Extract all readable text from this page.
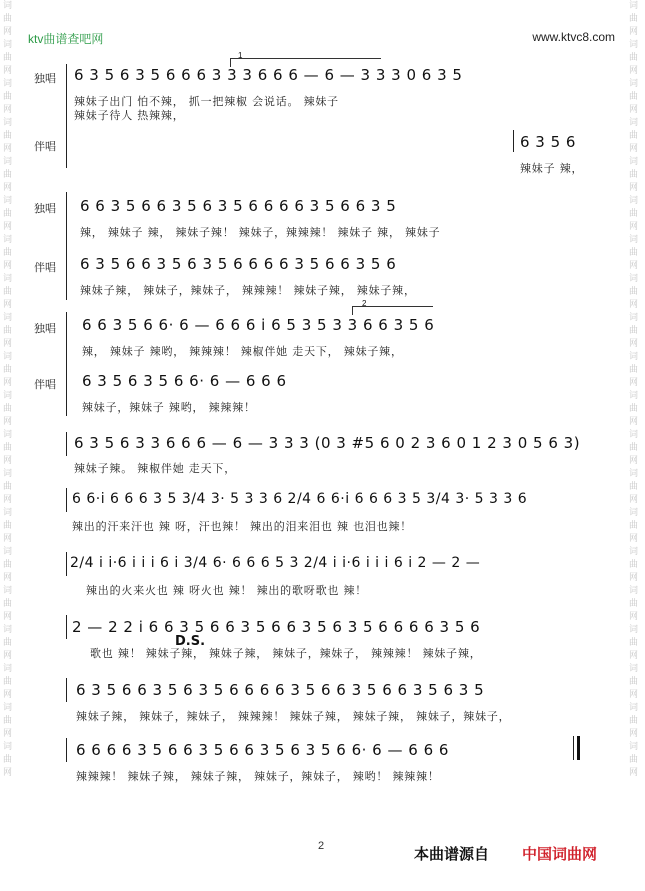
词曲网词曲网词曲网词曲网词曲网词曲网词曲网词曲网词曲网词曲网词曲网词曲网词曲网词曲网词曲网词曲网词曲网词曲网词曲网词曲网
词曲网词曲网词曲网词曲网词曲网词曲网词曲网词曲网词曲网词曲网词曲网词曲网词曲网词曲网词曲网词曲网词曲网词曲网词曲网词曲网
ktv曲谱查吧网	www.ktvc8.com
独唱
1
6 3 5 6 3 5 6 6 6 3 3 3 6 6 6 — 6 — 3 3 3 0 6 3 5
辣妹子出门 怕不辣， 抓一把辣椒 会说话。 辣妹子
辣妹子待人 热辣辣，
伴唱	6 3 5 6
辣妹子 辣，
独唱 6 6 3 5 6 6 3 5 6 3 5 6 6 6 6 3 5 6 6 3 5
辣， 辣妹子 辣， 辣妹子辣！ 辣妹子，辣辣辣！ 辣妹子 辣， 辣妹子
伴唱 6 3 5 6 6 3 5 6 3 5 6 6 6 6 3 5 6 6 3 5 6
辣妹子辣， 辣妹子，辣妹子， 辣辣辣！ 辣妹子辣， 辣妹子辣，
独唱
2
6 6 3 5 6 6· 6 — 6 6 6 i 6 5 3 5 3 3 6 6 3 5 6
辣， 辣妹子 辣哟， 辣辣辣！ 辣椒伴她 走天下， 辣妹子辣，
伴唱 6 3 5 6 3 5 6 6· 6 — 6 6 6
辣妹子，辣妹子 辣哟， 辣辣辣！
6 3 5 6 3 3 6 6 6 — 6 — 3 3 3 (0 3 #5 6 0 2 3 6 0 1 2 3 0 5 6 3)
辣妹子辣。 辣椒伴她 走天下，
6 6·i 6 6 6 3 5 3/4 3· 5 3 3 6 2/4 6 6·i 6 6 6 3 5 3/4 3· 5 3 3 6
辣出的汗来汗也 辣 呀，汗也辣！ 辣出的泪来泪也 辣 也泪也辣！
2/4 i i·6 i i i 6 i 3/4 6· 6 6 6 5 3 2/4 i i·6 i i i 6 i 2 — 2 —
辣出的火来火也 辣 呀火也 辣！ 辣出的歌呀歌也 辣！
2 — 2 2 i 6 6 3 5 6 6 3 5 6 6 3 5 6 3 5 6 6 6 6 3 5 6
D.S.
歌也 辣！ 辣妹子辣， 辣妹子辣， 辣妹子，辣妹子， 辣辣辣！ 辣妹子辣，
6 3 5 6 6 3 5 6 3 5 6 6 6 6 3 5 6 6 3 5 6 6 3 5 6 3 5
辣妹子辣， 辣妹子，辣妹子， 辣辣辣！ 辣妹子辣， 辣妹子辣， 辣妹子，辣妹子，
6 6 6 6 3 5 6 6 3 5 6 6 3 5 6 3 5 6 6· 6 — 6 6 6
辣辣辣！ 辣妹子辣， 辣妹子辣， 辣妹子，辣妹子， 辣哟！ 辣辣辣！
2	本曲谱源自 中国词曲网
